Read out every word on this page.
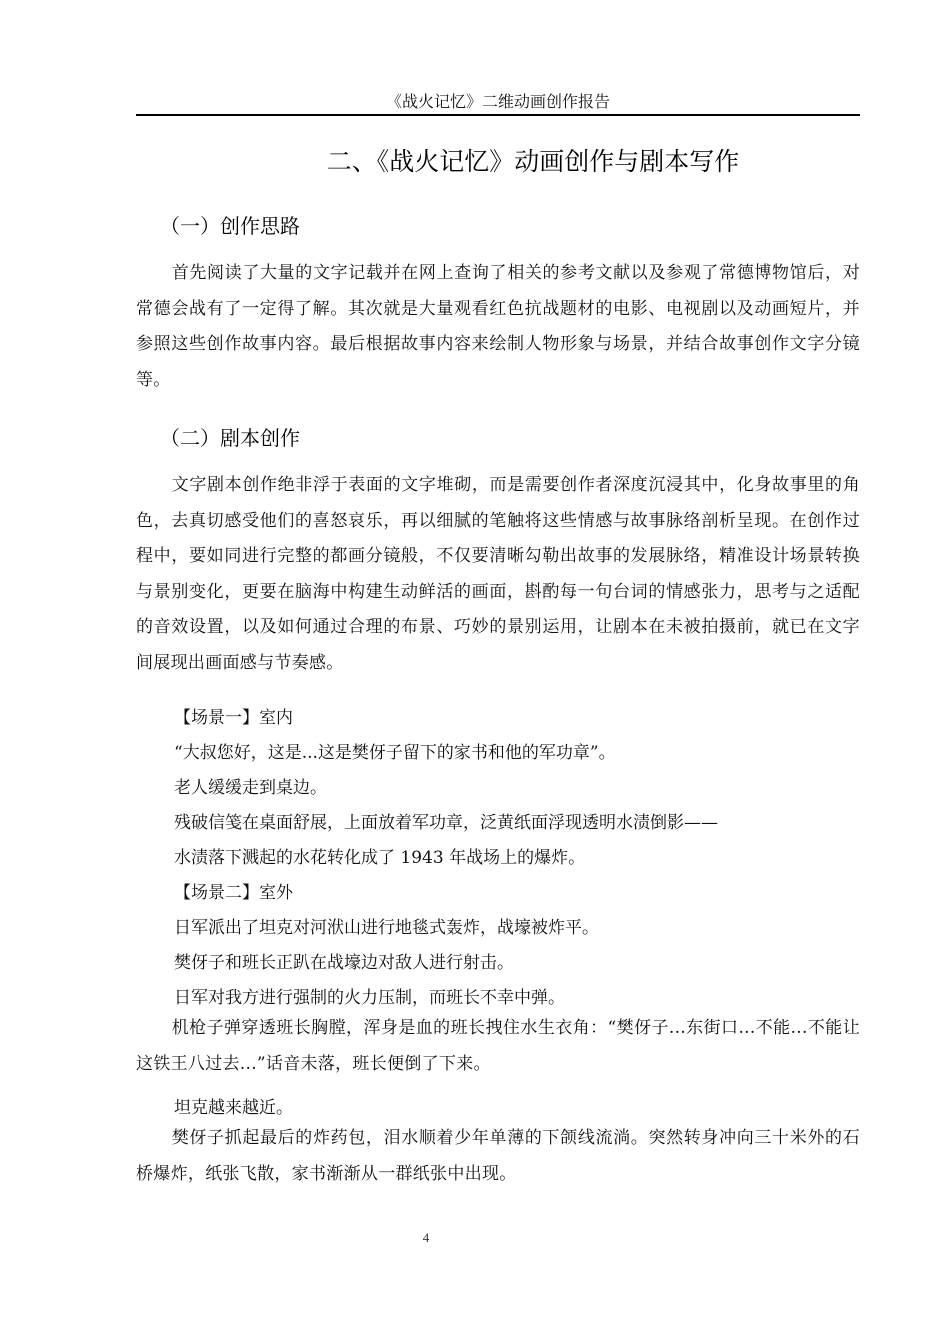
《战火记忆》二维动画创作报告
二、《战火记忆》动画创作与剧本写作
（一）创作思路

首先阅读了大量的文字记载并在网上查询了相关的参考文献以及参观了常德博物馆后，对常德会战有了一定得了解。其次就是大量观看红色抗战题材的电影、电视剧以及动画短片，并参照这些创作故事内容。最后根据故事内容来绘制人物形象与场景，并结合故事创作文字分镜等。

（二）剧本创作

文字剧本创作绝非浮于表面的文字堆砌，而是需要创作者深度沉浸其中，化身故事里的角色，去真切感受他们的喜怒哀乐，再以细腻的笔触将这些情感与故事脉络剖析呈现。在创作过程中，要如同进行完整的都画分镜般，不仅要清晰勾勒出故事的发展脉络，精准设计场景转换与景别变化，更要在脑海中构建生动鲜活的画面，斟酌每一句台词的情感张力，思考与之适配的音效设置，以及如何通过合理的布景、巧妙的景别运用，让剧本在未被拍摄前，就已在文字间展现出画面感与节奏感。

【场景一】室内
“大叔您好，这是...这是樊伢子留下的家书和他的军功章”。
老人缓缓走到桌边。
残破信笺在桌面舒展，上面放着军功章，泛黄纸面浮现透明水渍倒影——
水渍落下溅起的水花转化成了 1943 年战场上的爆炸。
【场景二】室外
日军派出了坦克对河洑山进行地毯式轰炸，战壕被炸平。
樊伢子和班长正趴在战壕边对敌人进行射击。
日军对我方进行强制的火力压制，而班长不幸中弹。

机枪子弹穿透班长胸膛，浑身是血的班长拽住水生衣角：“樊伢子...东街口...不能...不能让这铁王八过去...”话音未落，班长便倒了下来。

坦克越来越近。

樊伢子抓起最后的炸药包，泪水顺着少年单薄的下颌线流淌。突然转身冲向三十米外的石桥爆炸，纸张飞散，家书渐渐从一群纸张中出现。

4
